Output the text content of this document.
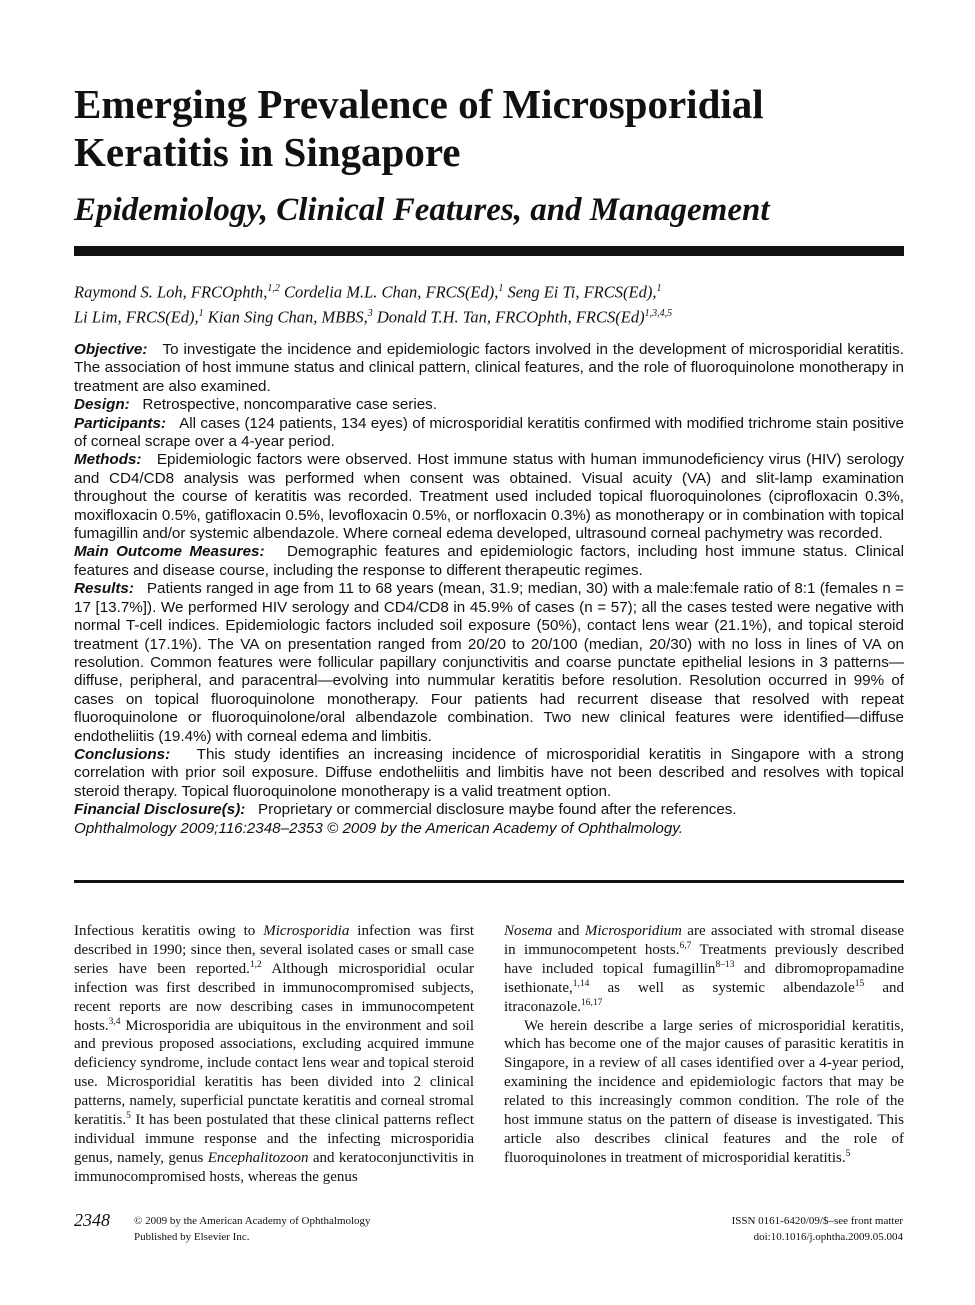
Emerging Prevalence of Microsporidial Keratitis in Singapore
Epidemiology, Clinical Features, and Management
Raymond S. Loh, FRCOphth,$^{1,2}$ Cordelia M.L. Chan, FRCS(Ed),$^1$ Seng Ei Ti, FRCS(Ed),$^1$
Li Lim, FRCS(Ed),$^1$ Kian Sing Chan, MBBS,$^3$ Donald T.H. Tan, FRCOphth, $FRCS(Ed)^{1,3,4,5}$

Objective: To investigate the incidence and epidemiologic factors involved in the development of microsporidial keratitis. The association of host immune status and clinical pattern, clinical features, and the role of fluoroquinolone monotherapy in treatment are also examined.

Design: Retrospective, noncomparative case series.

Participants: All cases (124 patients, 134 eyes) of microsporidial keratitis confirmed with modified trichrome stain positive of corneal scrape over a 4-year period.

Methods: Epidemiologic factors were observed. Host immune status with human immunodeficiency virus (HIV) serology and CD4/CD8 analysis was performed when consent was obtained. Visual acuity (VA) and slit-lamp examination throughout the course of keratitis was recorded. Treatment used included topical fluoroquinolones (ciprofloxacin 0.3%, moxifloxacin 0.5%, gatifloxacin 0.5%, levofloxacin 0.5%, or norfloxacin 0.3%) as monotherapy or in combination with topical fumagillin and/or systemic albendazole. Where corneal edema developed, ultrasound corneal pachymetry was recorded.

Main Outcome Measures: Demographic features and epidemiologic factors, including host immune status. Clinical features and disease course, including the response to different therapeutic regimes.

Results: Patients ranged in age from 11 to 68 years (mean, 31.9; median, 30) with a male:female ratio of 8:1 (females n = 17 [13.7%]). We performed HIV serology and CD4/CD8 in 45.9% of cases (n = 57); all the cases tested were negative with normal T-cell indices. Epidemiologic factors included soil exposure (50%), contact lens wear (21.1%), and topical steroid treatment (17.1%). The VA on presentation ranged from 20/20 to 20/100 (median, 20/30) with no loss in lines of VA on resolution. Common features were follicular papillary conjunctivitis and coarse punctate epithelial lesions in 3 patterns—diffuse, peripheral, and paracentral—evolving into nummular keratitis before resolution. Resolution occurred in 99% of cases on topical fluoroquinolone monotherapy. Four patients had recurrent disease that resolved with repeat fluoroquinolone or fluoroquinolone/oral albendazole combination. Two new clinical features were identified—diffuse endotheliitis (19.4%) with corneal edema and limbitis.

Conclusions: This study identifies an increasing incidence of microsporidial keratitis in Singapore with a strong correlation with prior soil exposure. Diffuse endotheliitis and limbitis have not been described and resolves with topical steroid therapy. Topical fluoroquinolone monotherapy is a valid treatment option.

Financial Disclosure(s): Proprietary or commercial disclosure maybe found after the references.

Ophthalmology 2009;116:2348–2353 © 2009 by the American Academy of Ophthalmology.

Infectious keratitis owing to Microsporidia infection was first described in 1990; since then, several isolated cases or small case series have been reported.$^{1,2}$ Although microsporidial ocular infection was first described in immunocompromised subjects, recent reports are now describing cases in immunocompetent hosts.$^{3,4}$ Microsporidia are ubiquitous in the environment and soil and previous proposed associations, excluding acquired immune deficiency syndrome, include contact lens wear and topical steroid use. Microsporidial keratitis has been divided into 2 clinical patterns, namely, superficial punctate keratitis and corneal stromal keratitis.$^5$ It has been postulated that these clinical patterns reflect individual immune response and the infecting microsporidia genus, namely, genus Encephalitozoon and keratoconjunctivitis in immunocompromised hosts, whereas the genus

Nosema and Microsporidium are associated with stromal disease in immunocompetent hosts.$^{6,7}$ Treatments previously described have included topical fumagillin$^{8-13}$ and dibromopropamadine isethionate,$^{1,14}$ as well as systemic albendazole$^{15}$ and itraconazole.$^{16,17}$

We herein describe a large series of microsporidial keratitis, which has become one of the major causes of parasitic keratitis in Singapore, in a review of all cases identified over a 4-year period, examining the incidence and epidemiologic factors that may be related to this increasingly common condition. The role of the host immune status on the pattern of disease is investigated. This article also describes clinical features and the role of fluoroquinolones in treatment of microsporidial keratitis.$^5$

2348 © 2009 by the American Academy of Ophthalmology
Published by Elsevier Inc.
ISSN 0161-6420/09/$–see front matter
doi:10.1016/j.ophtha.2009.05.004
